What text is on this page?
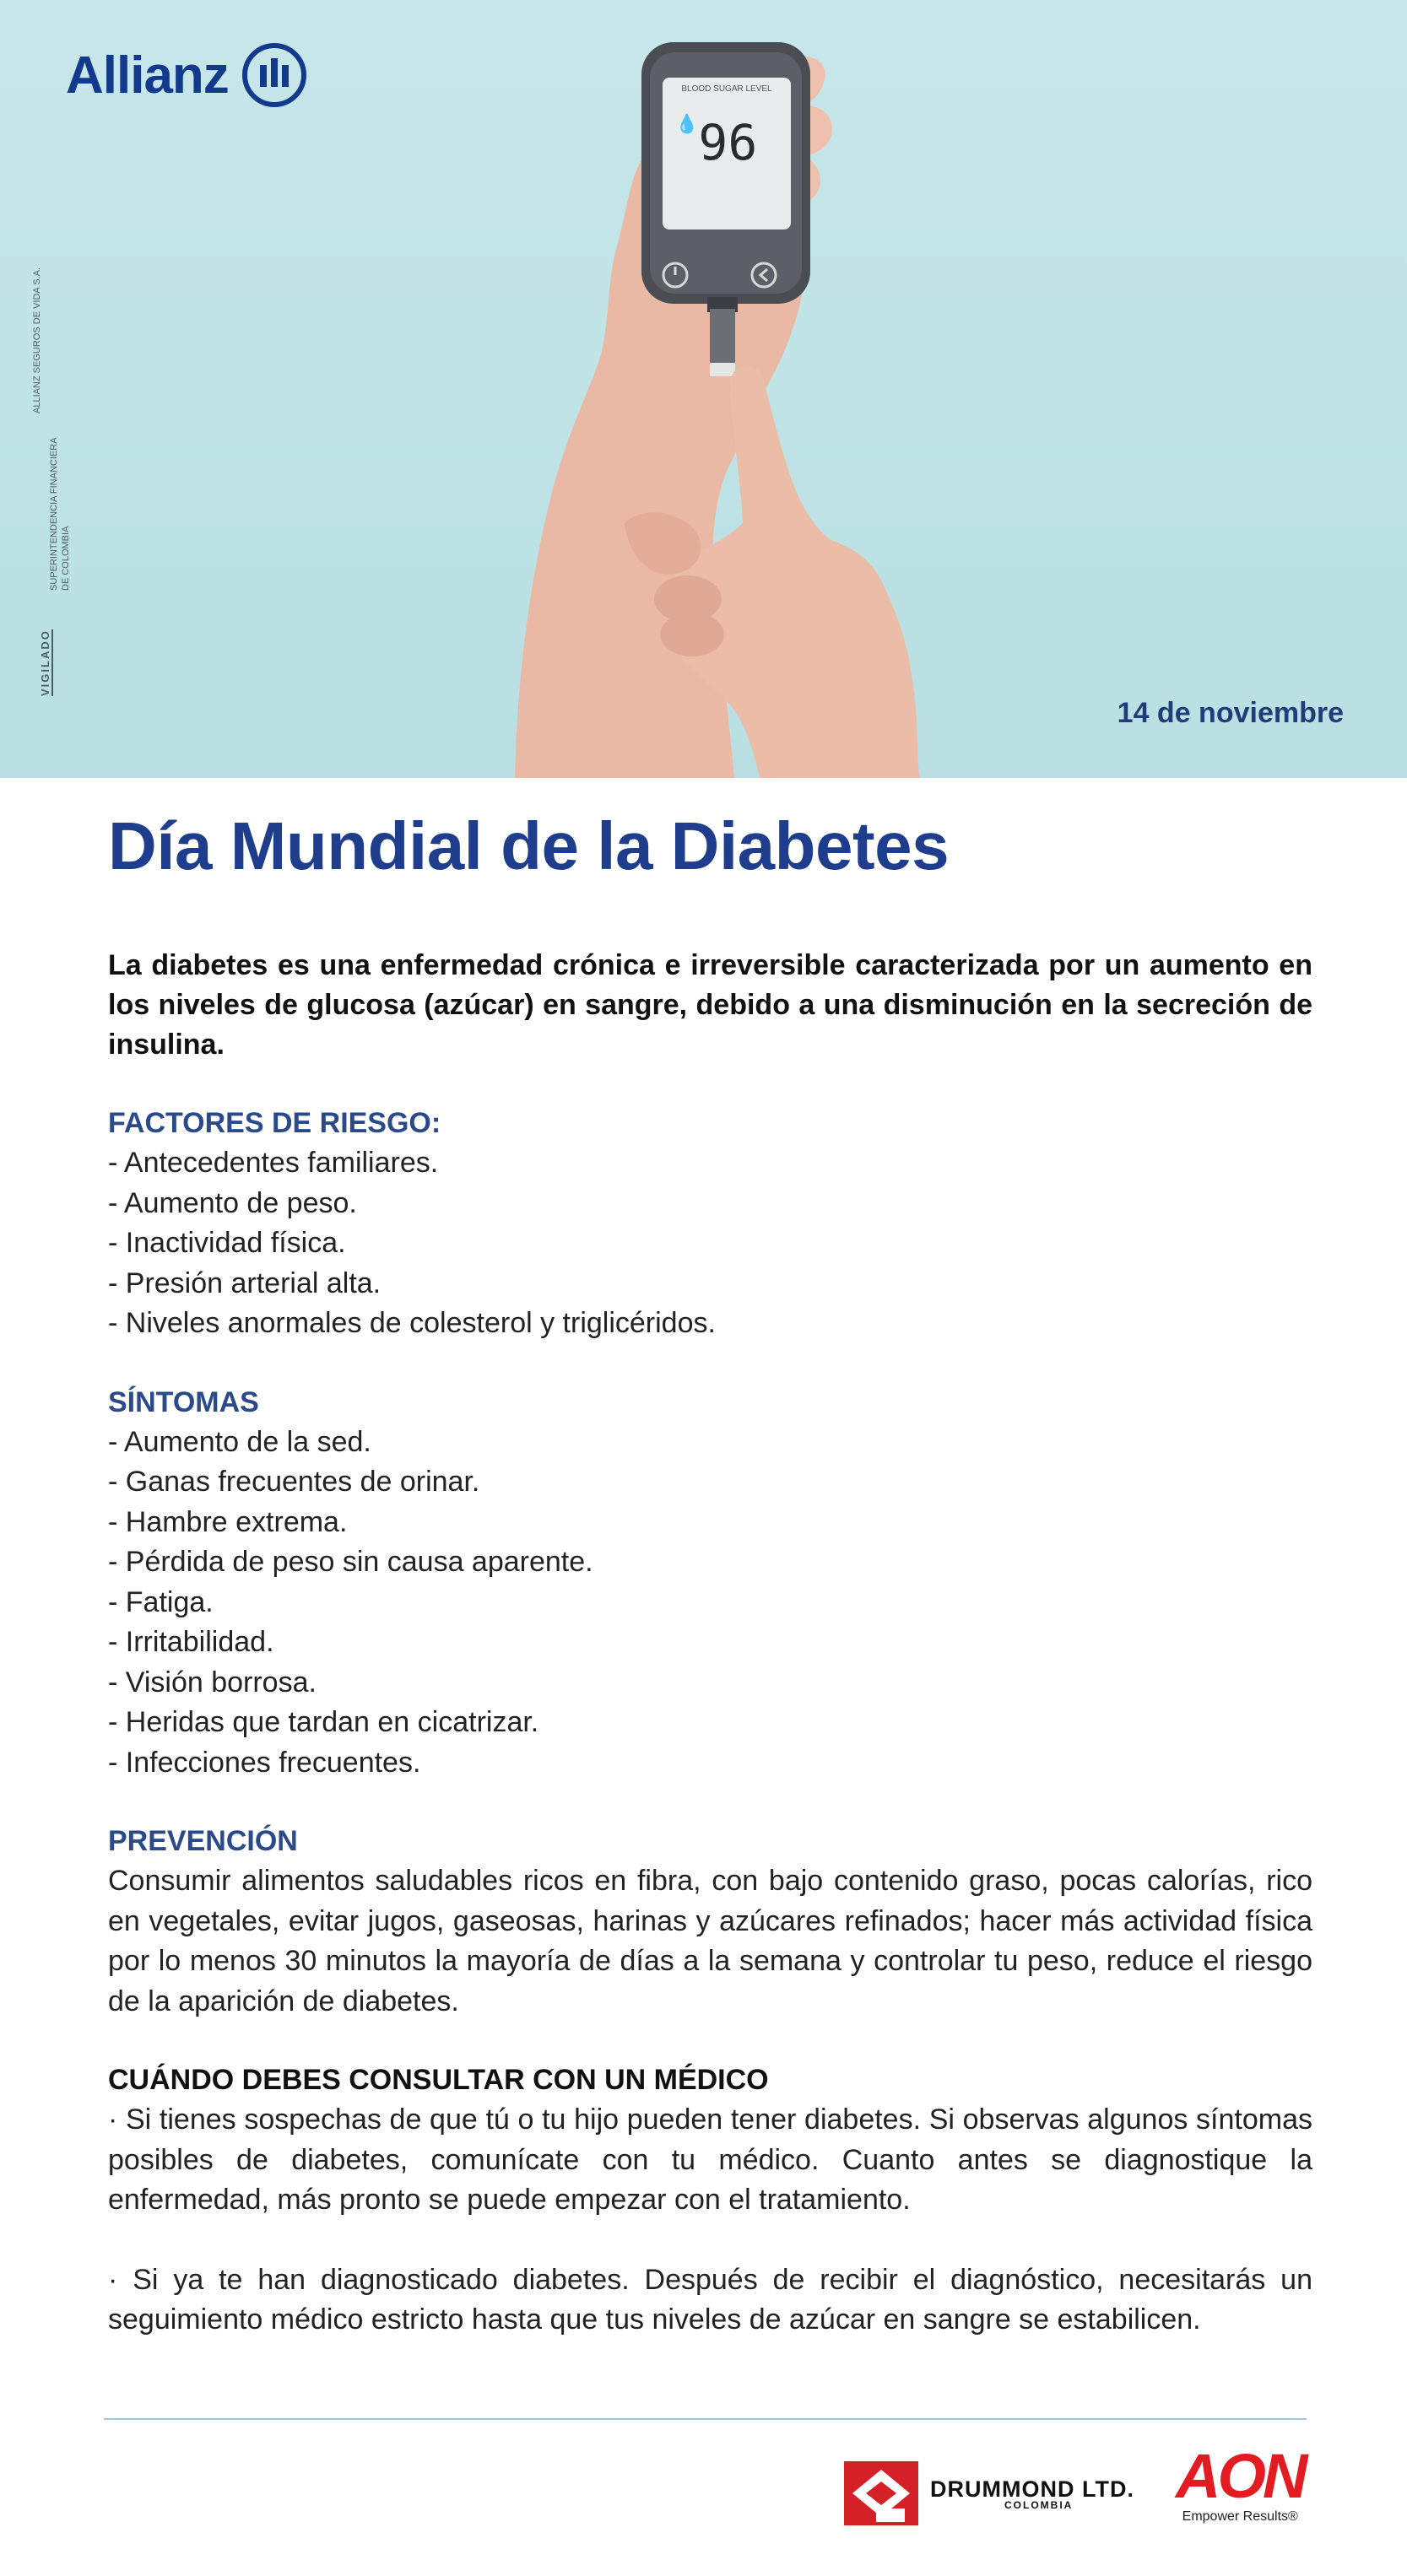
BLOOD SUGAR LEVEL
💧96
Allianz
ALLIANZ SEGUROS DE VIDA S.A.
SUPERINTENDENCIA FINANCIERA DE COLOMBIA
VIGILADO
14 de noviembre
Día Mundial de la Diabetes
La diabetes es una enfermedad crónica e irreversible caracterizada por un aumento en los niveles de glucosa (azúcar) en sangre, debido a una disminución en la secreción de insulina.
FACTORES DE RIESGO:
- Antecedentes familiares.
- Aumento de peso.
- Inactividad física.
- Presión arterial alta.
- Niveles anormales de colesterol y triglicéridos.
SÍNTOMAS
- Aumento de la sed.
- Ganas frecuentes de orinar.
- Hambre extrema.
- Pérdida de peso sin causa aparente.
- Fatiga.
- Irritabilidad.
- Visión borrosa.
- Heridas que tardan en cicatrizar.
- Infecciones frecuentes.
PREVENCIÓN
Consumir alimentos saludables ricos en fibra, con bajo contenido graso, pocas calorías, rico en vegetales, evitar jugos, gaseosas, harinas y azúcares refinados; hacer más actividad física por lo menos 30 minutos la mayoría de días a la semana y controlar tu peso, reduce el riesgo de la aparición de diabetes.
CUÁNDO DEBES CONSULTAR CON UN MÉDICO
· Si tienes sospechas de que tú o tu hijo pueden tener diabetes. Si observas algunos síntomas posibles de diabetes, comunícate con tu médico. Cuanto antes se diagnostique la enfermedad, más pronto se puede empezar con el tratamiento.
· Si ya te han diagnosticado diabetes. Después de recibir el diagnóstico, necesitarás un seguimiento médico estricto hasta que tus niveles de azúcar en sangre se estabilicen.
DRUMMOND LTD.
COLOMBIA	AON
Empower Results®
